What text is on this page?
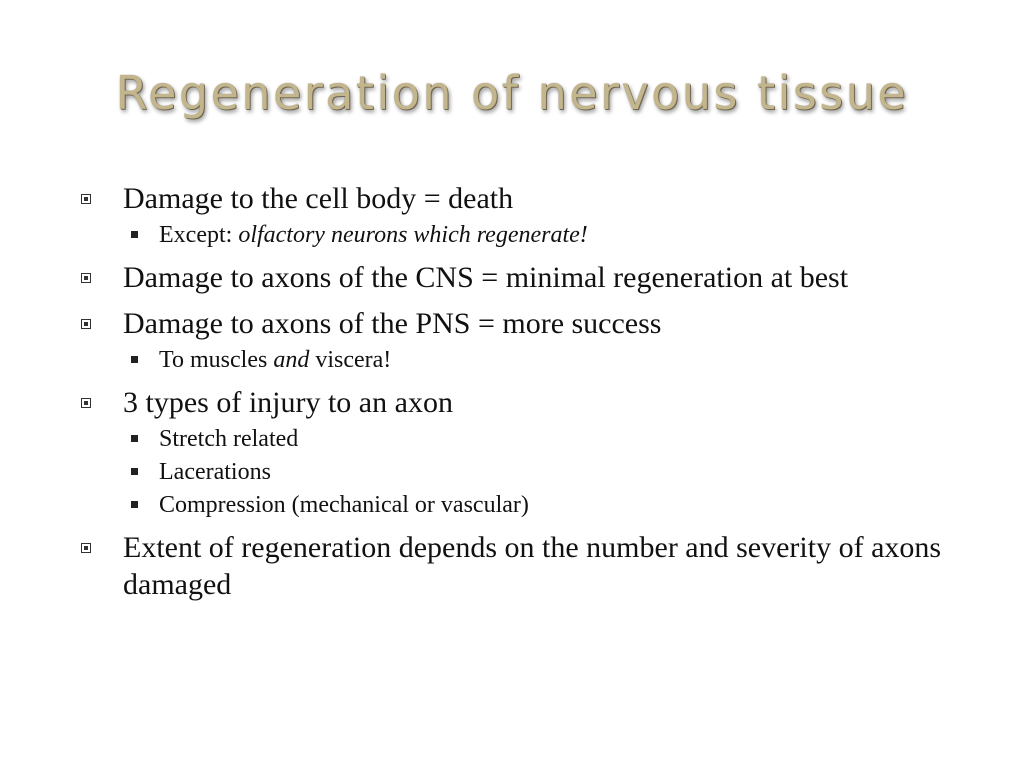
Regeneration of nervous tissue
Damage to the cell body = death
Except: olfactory neurons which regenerate!
Damage to axons of the CNS = minimal regeneration at best
Damage to axons of the PNS = more success
To muscles and viscera!
3 types of injury to an axon
Stretch related
Lacerations
Compression (mechanical or vascular)
Extent of regeneration depends on the number and severity of axons damaged
